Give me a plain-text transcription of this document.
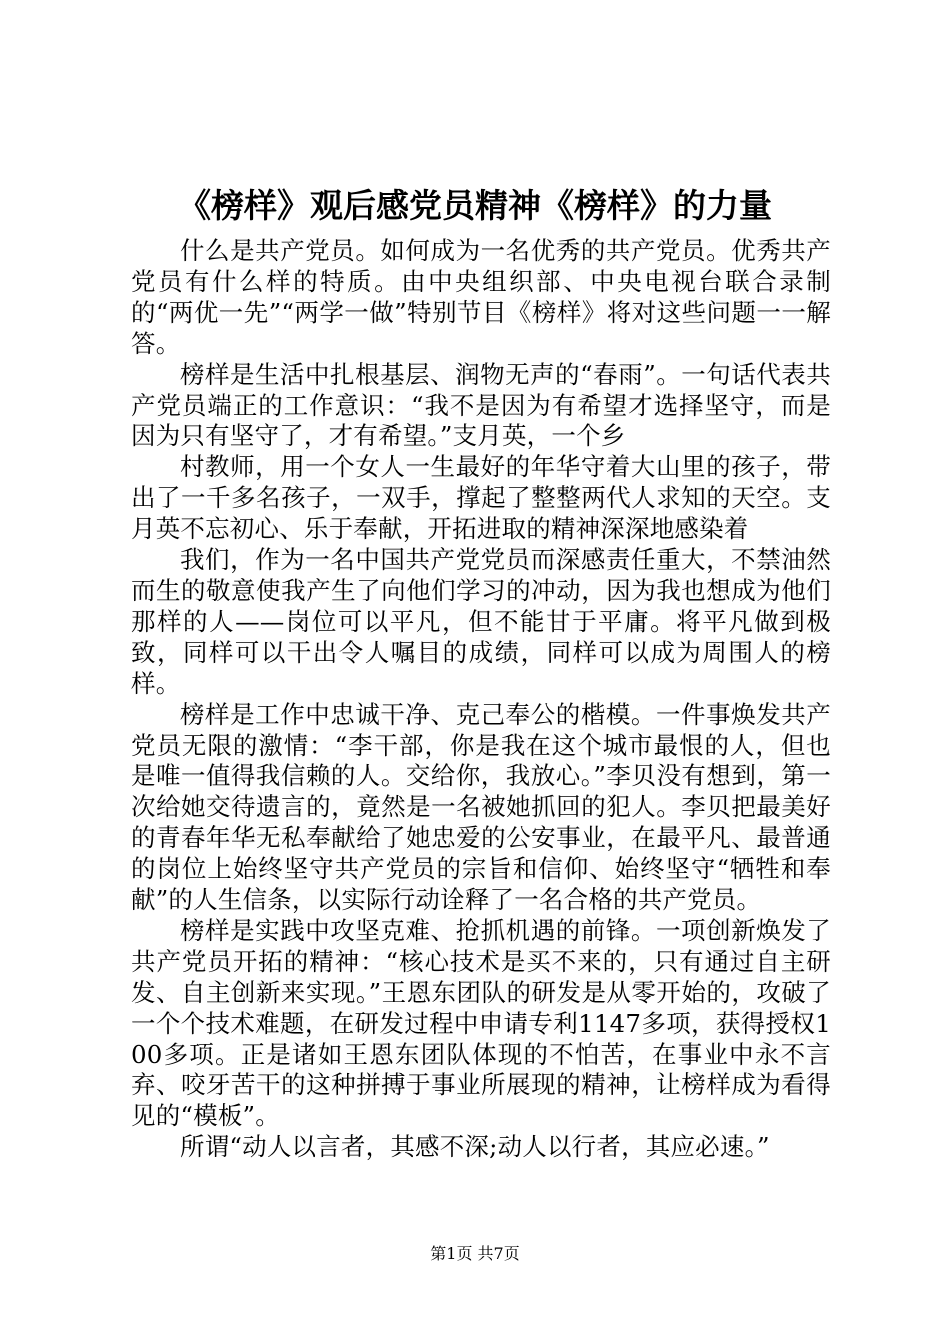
《榜样》观后感党员精神《榜样》的力量

什么是共产党员。如何成为一名优秀的共产党员。优秀共产党员有什么样的特质。由中央组织部、中央电视台联合录制的“两优一先”“两学一做”特别节目《榜样》将对这些问题一一解答。

榜样是生活中扎根基层、润物无声的“春雨”。一句话代表共产党员端正的工作意识：“我不是因为有希望才选择坚守，而是因为只有坚守了，才有希望。”支月英，一个乡

村教师，用一个女人一生最好的年华守着大山里的孩子，带出了一千多名孩子，一双手，撑起了整整两代人求知的天空。支月英不忘初心、乐于奉献，开拓进取的精神深深地感染着

我们，作为一名中国共产党党员而深感责任重大，不禁油然而生的敬意使我产生了向他们学习的冲动，因为我也想成为他们那样的人——岗位可以平凡，但不能甘于平庸。将平凡做到极致，同样可以干出令人嘱目的成绩，同样可以成为周围人的榜样。

榜样是工作中忠诚干净、克己奉公的楷模。一件事焕发共产党员无限的激情：“李干部，你是我在这个城市最恨的人，但也是唯一值得我信赖的人。交给你，我放心。”李贝没有想到，第一次给她交待遗言的，竟然是一名被她抓回的犯人。李贝把最美好的青春年华无私奉献给了她忠爱的公安事业，在最平凡、最普通的岗位上始终坚守共产党员的宗旨和信仰、始终坚守“牺牲和奉献”的人生信条，以实际行动诠释了一名合格的共产党员。

榜样是实践中攻坚克难、抢抓机遇的前锋。一项创新焕发了共产党员开拓的精神：“核心技术是买不来的，只有通过自主研发、自主创新来实现。”王恩东团队的研发是从零开始的，攻破了一个个技术难题，在研发过程中申请专利1147多项，获得授权100多项。正是诸如王恩东团队体现的不怕苦，在事业中永不言弃、咬牙苦干的这种拼搏于事业所展现的精神，让榜样成为看得见的“模板”。

所谓“动人以言者，其感不深;动人以行者，其应必速。”

第1页 共7页
